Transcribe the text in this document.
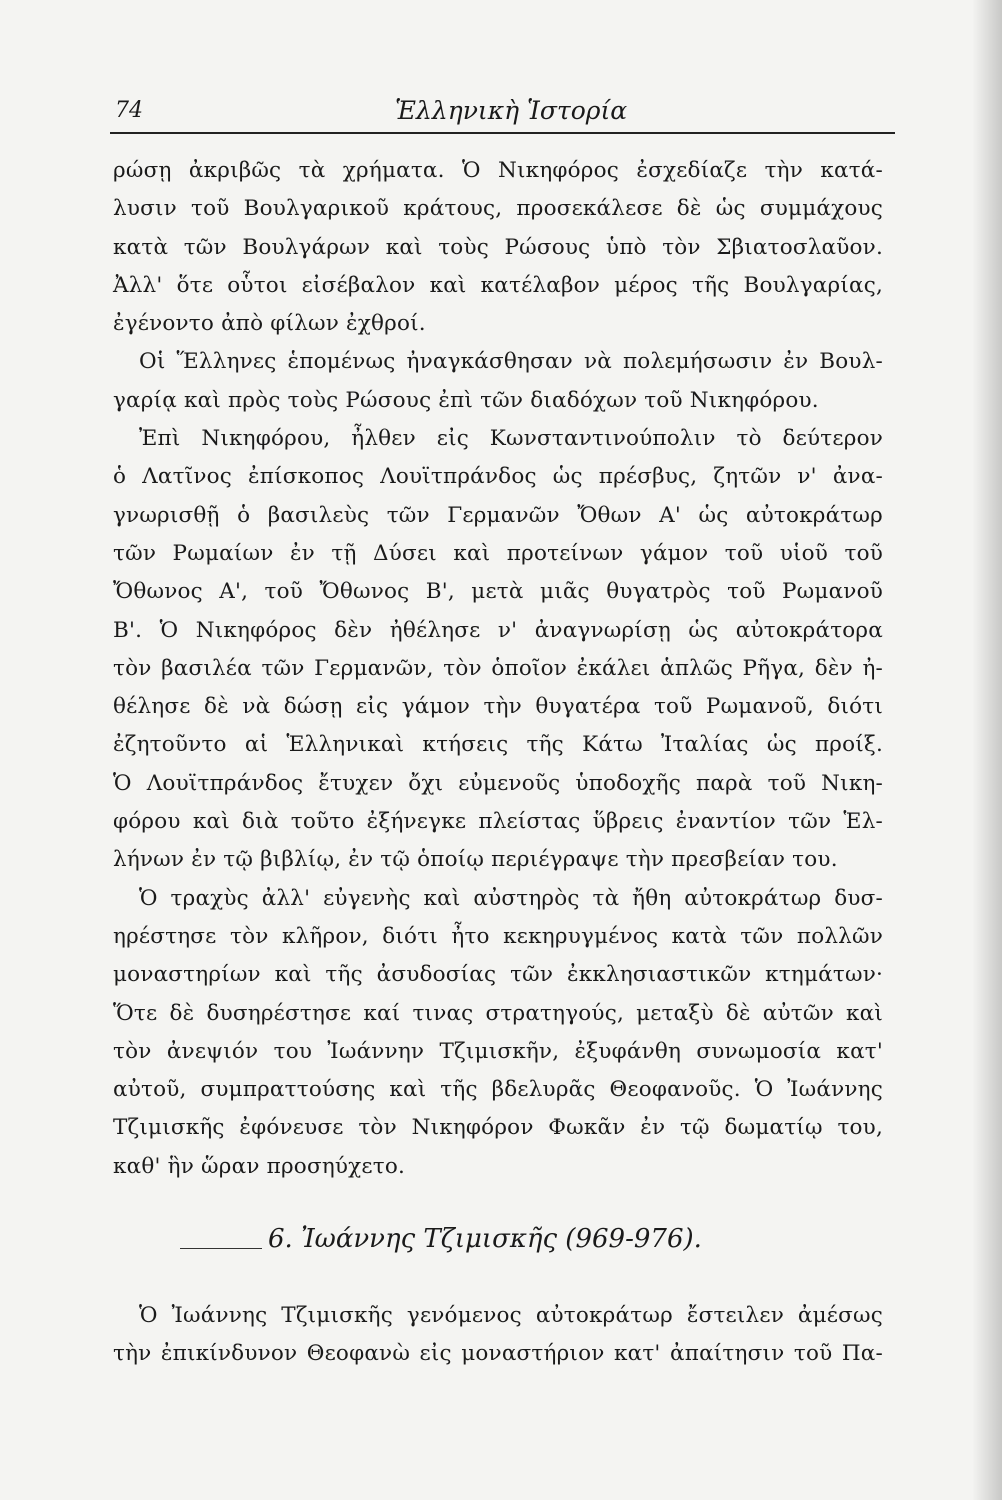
74	Ἑλληνικὴ Ἱστορία
ρώσῃ ἀκριβῶς τὰ χρήματα. Ὁ Νικηφόρος ἐσχεδίαζε τὴν κατά-
λυσιν τοῦ Βουλγαρικοῦ κράτους, προσεκάλεσε δὲ ὡς συμμάχους
κατὰ τῶν Βουλγάρων καὶ τοὺς Ρώσους ὑπὸ τὸν Σβιατοσλαῦον.
Ἀλλ' ὅτε οὗτοι εἰσέβαλον καὶ κατέλαβον μέρος τῆς Βουλγαρίας,
ἐγένοντο ἀπὸ φίλων ἐχθροί.
Οἱ Ἕλληνες ἑπομένως ἠναγκάσθησαν νὰ πολεμήσωσιν ἐν Βουλ-
γαρίᾳ καὶ πρὸς τοὺς Ρώσους ἐπὶ τῶν διαδόχων τοῦ Νικηφόρου.
Ἐπὶ Νικηφόρου, ἦλθεν εἰς Κωνσταντινούπολιν τὸ δεύτερον
ὁ Λατῖνος ἐπίσκοπος Λουϊτπράνδος ὡς πρέσβυς, ζητῶν ν' ἀνα-
γνωρισθῇ ὁ βασιλεὺς τῶν Γερμανῶν Ὄθων Α' ὡς αὐτοκράτωρ
τῶν Ρωμαίων ἐν τῇ Δύσει καὶ προτείνων γάμον τοῦ υἱοῦ τοῦ
Ὄθωνος Α', τοῦ Ὄθωνος Β', μετὰ μιᾶς θυγατρὸς τοῦ Ρωμανοῦ
Β'. Ὁ Νικηφόρος δὲν ἠθέλησε ν' ἀναγνωρίσῃ ὡς αὐτοκράτορα
τὸν βασιλέα τῶν Γερμανῶν, τὸν ὁποῖον ἐκάλει ἁπλῶς Ρῆγα, δὲν ἠ-
θέλησε δὲ νὰ δώσῃ εἰς γάμον τὴν θυγατέρα τοῦ Ρωμανοῦ, διότι
ἐζητοῦντο αἱ Ἑλληνικαὶ κτήσεις τῆς Κάτω Ἰταλίας ὡς προίξ.
Ὁ Λουϊτπράνδος ἔτυχεν ὄχι εὐμενοῦς ὑποδοχῆς παρὰ τοῦ Νικη-
φόρου καὶ διὰ τοῦτο ἐξήνεγκε πλείστας ὕβρεις ἐναντίον τῶν Ἑλ-
λήνων ἐν τῷ βιβλίῳ, ἐν τῷ ὁποίῳ περιέγραψε τὴν πρεσβείαν του.
Ὁ τραχὺς ἀλλ' εὐγενὴς καὶ αὐστηρὸς τὰ ἤθη αὐτοκράτωρ δυσ-
ηρέστησε τὸν κλῆρον, διότι ἦτο κεκηρυγμένος κατὰ τῶν πολλῶν
μοναστηρίων καὶ τῆς ἀσυδοσίας τῶν ἐκκλησιαστικῶν κτημάτων·
Ὅτε δὲ δυσηρέστησε καί τινας στρατηγούς, μεταξὺ δὲ αὐτῶν καὶ
τὸν ἀνεψιόν του Ἰωάννην Τζιμισκῆν, ἐξυφάνθη συνωμοσία κατ'
αὐτοῦ, συμπραττούσης καὶ τῆς βδελυρᾶς Θεοφανοῦς. Ὁ Ἰωάννης
Τζιμισκῆς ἐφόνευσε τὸν Νικηφόρον Φωκᾶν ἐν τῷ δωματίῳ του,
καθ' ἣν ὥραν προσηύχετο.
6. Ἰωάννης Τζιμισκῆς (969-976).
Ὁ Ἰωάννης Τζιμισκῆς γενόμενος αὐτοκράτωρ ἔστειλεν ἀμέσως
τὴν ἐπικίνδυνον Θεοφανὼ εἰς μοναστήριον κατ' ἀπαίτησιν τοῦ Πα-
